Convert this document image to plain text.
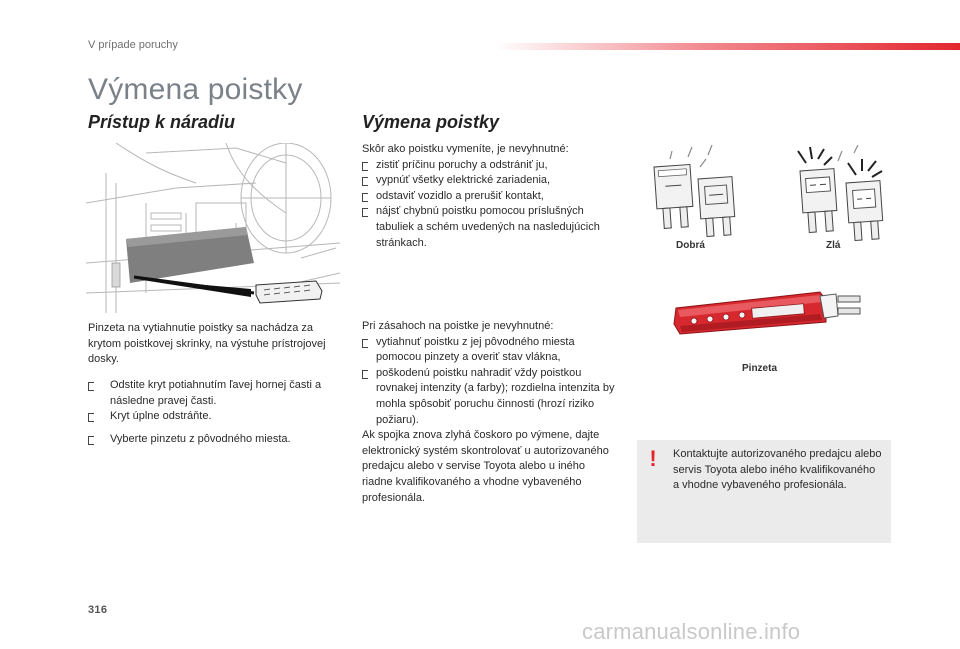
V prípade poruchy
Výmena poistky
Prístup k náradiu
Pinzeta na vytiahnutie poistky sa nachádza za krytom poistkovej skrinky, na výstuhe prístrojovej dosky.
Odstite kryt potiahnutím ľavej hornej časti a následne pravej časti.
Kryt úplne odstráňte.
Vyberte pinzetu z pôvodného miesta.
Výmena poistky
Skôr ako poistku vymeníte, je nevyhnutné:
zistiť príčinu poruchy a odstrániť ju,
vypnúť všetky elektrické zariadenia,
odstaviť vozidlo a prerušiť kontakt,
nájsť chybnú poistku pomocou príslušných tabuliek a schém uvedených na nasledujúcich stránkach.
Pri zásahoch na poistke je nevyhnutné:
vytiahnuť poistku z jej pôvodného miesta pomocou pinzety a overiť stav vlákna,
poškodenú poistku nahradiť vždy poistkou rovnakej intenzity (a farby); rozdielna intenzita by mohla spôsobiť poruchu činnosti (hrozí riziko požiaru).
Ak spojka znova zlyhá čoskoro po výmene, dajte elektronický systém skontrolovať u autorizovaného predajcu alebo v servise Toyota alebo u iného riadne kvalifikovaného a vhodne vybaveného profesionála.
Dobrá	Zlá
Pinzeta
! Kontaktujte autorizovaného predajcu alebo servis Toyota alebo iného kvalifikovaného a vhodne vybaveného profesionála.
316
carmanualsonline.info
